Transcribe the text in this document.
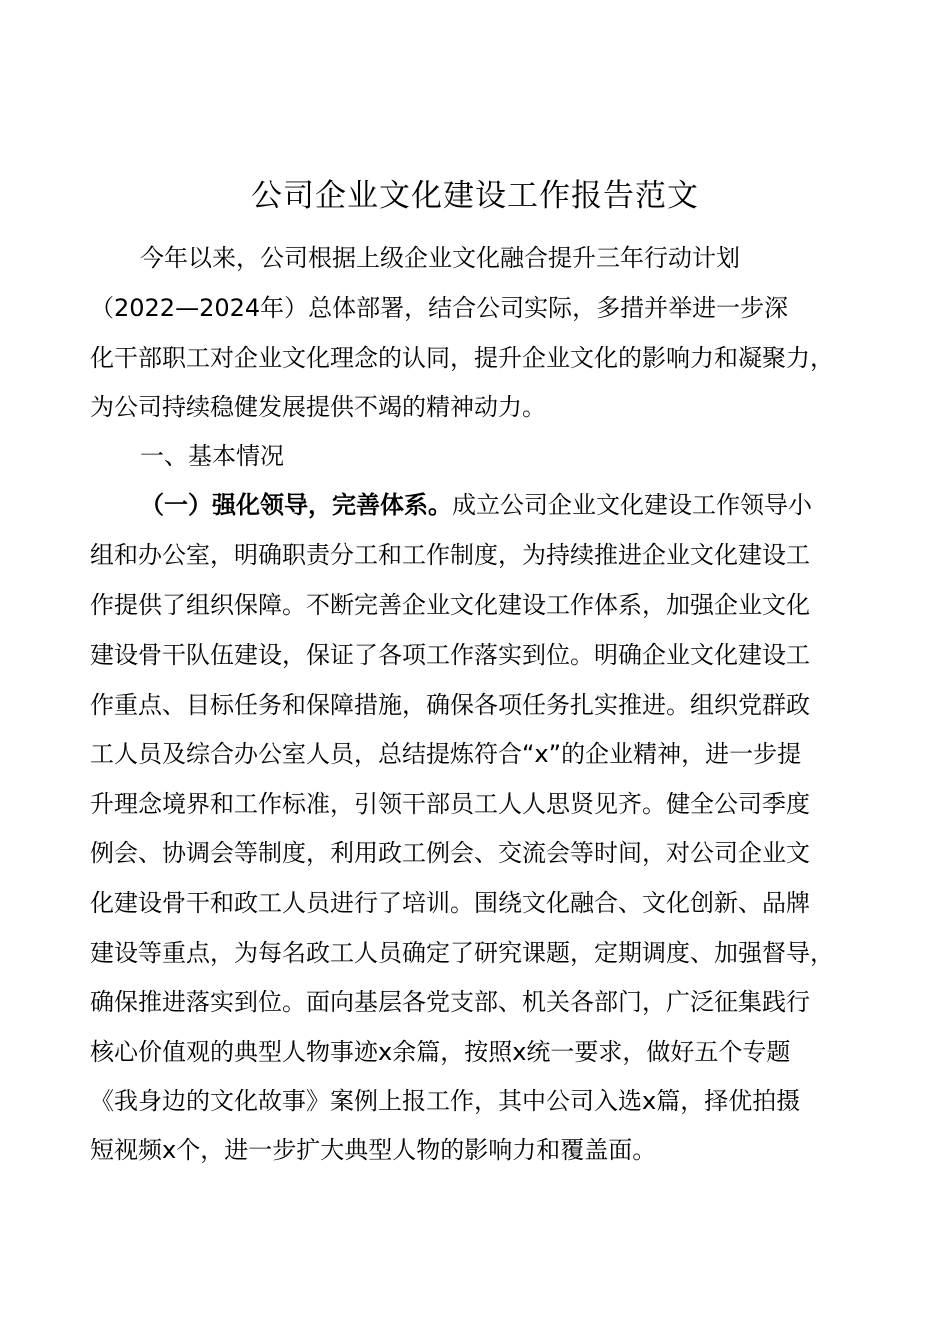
公司企业文化建设工作报告范文
今年以来，公司根据上级企业文化融合提升三年行动计划
（2022—2024年）总体部署，结合公司实际，多措并举进一步深
化干部职工对企业文化理念的认同，提升企业文化的影响力和凝聚力，
为公司持续稳健发展提供不竭的精神动力。
一、基本情况
（一）强化领导，完善体系。成立公司企业文化建设工作领导小
组和办公室，明确职责分工和工作制度，为持续推进企业文化建设工
作提供了组织保障。不断完善企业文化建设工作体系，加强企业文化
建设骨干队伍建设，保证了各项工作落实到位。明确企业文化建设工
作重点、目标任务和保障措施，确保各项任务扎实推进。组织党群政
工人员及综合办公室人员，总结提炼符合“x”的企业精神，进一步提
升理念境界和工作标准，引领干部员工人人思贤见齐。健全公司季度
例会、协调会等制度，利用政工例会、交流会等时间，对公司企业文
化建设骨干和政工人员进行了培训。围绕文化融合、文化创新、品牌
建设等重点，为每名政工人员确定了研究课题，定期调度、加强督导，
确保推进落实到位。面向基层各党支部、机关各部门，广泛征集践行
核心价值观的典型人物事迹x余篇，按照x统一要求，做好五个专题
《我身边的文化故事》案例上报工作，其中公司入选x篇，择优拍摄
短视频x个，进一步扩大典型人物的影响力和覆盖面。
